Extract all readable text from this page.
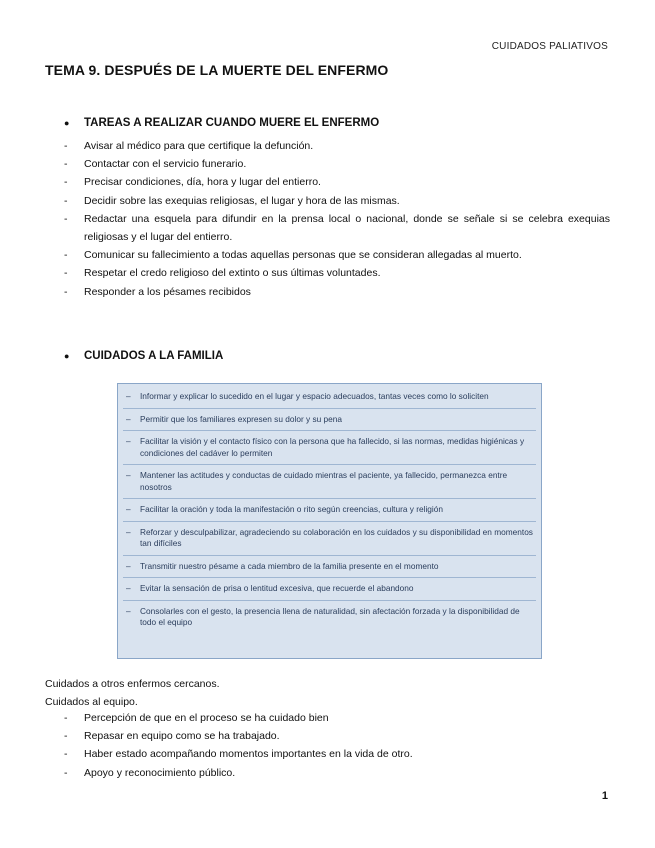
CUIDADOS PALIATIVOS
TEMA 9. DESPUÉS DE LA MUERTE DEL ENFERMO
●	TAREAS A REALIZAR CUANDO MUERE EL ENFERMO
-	Avisar al médico para que certifique la defunción.
-	Contactar con el servicio funerario.
-	Precisar condiciones, día, hora y lugar del entierro.
-	Decidir sobre las exequias religiosas, el lugar y hora de las mismas.
-	Redactar una esquela para difundir en la prensa local o nacional, donde se señale si se celebra exequias religiosas y el lugar del entierro.
-	Comunicar su fallecimiento a todas aquellas personas que se consideran allegadas al muerto.
-	Respetar el credo religioso del extinto o sus últimas voluntades.
-	Responder a los pésames recibidos
●	CUIDADOS A LA FAMILIA
–	Informar y explicar lo sucedido en el lugar y espacio adecuados, tantas veces como lo soliciten
–	Permitir que los familiares expresen su dolor y su pena
–	Facilitar la visión y el contacto físico con la persona que ha fallecido, si las normas, medidas higiénicas y condiciones del cadáver lo permiten
–	Mantener las actitudes y conductas de cuidado mientras el paciente, ya fallecido, permanezca entre nosotros
–	Facilitar la oración y toda la manifestación o rito según creencias, cultura y religión
–	Reforzar y desculpabilizar, agradeciendo su colaboración en los cuidados y su disponibilidad en momentos tan difíciles
–	Transmitir nuestro pésame a cada miembro de la familia presente en el momento
–	Evitar la sensación de prisa o lentitud excesiva, que recuerde el abandono
–	Consolarles con el gesto, la presencia llena de naturalidad, sin afectación forzada y la disponibilidad de todo el equipo
Cuidados a otros enfermos cercanos.
Cuidados al equipo.
-	Percepción de que en el proceso se ha cuidado bien
-	Repasar en equipo como se ha trabajado.
-	Haber estado acompañando momentos importantes en la vida de otro.
-	Apoyo y reconocimiento público.
1
